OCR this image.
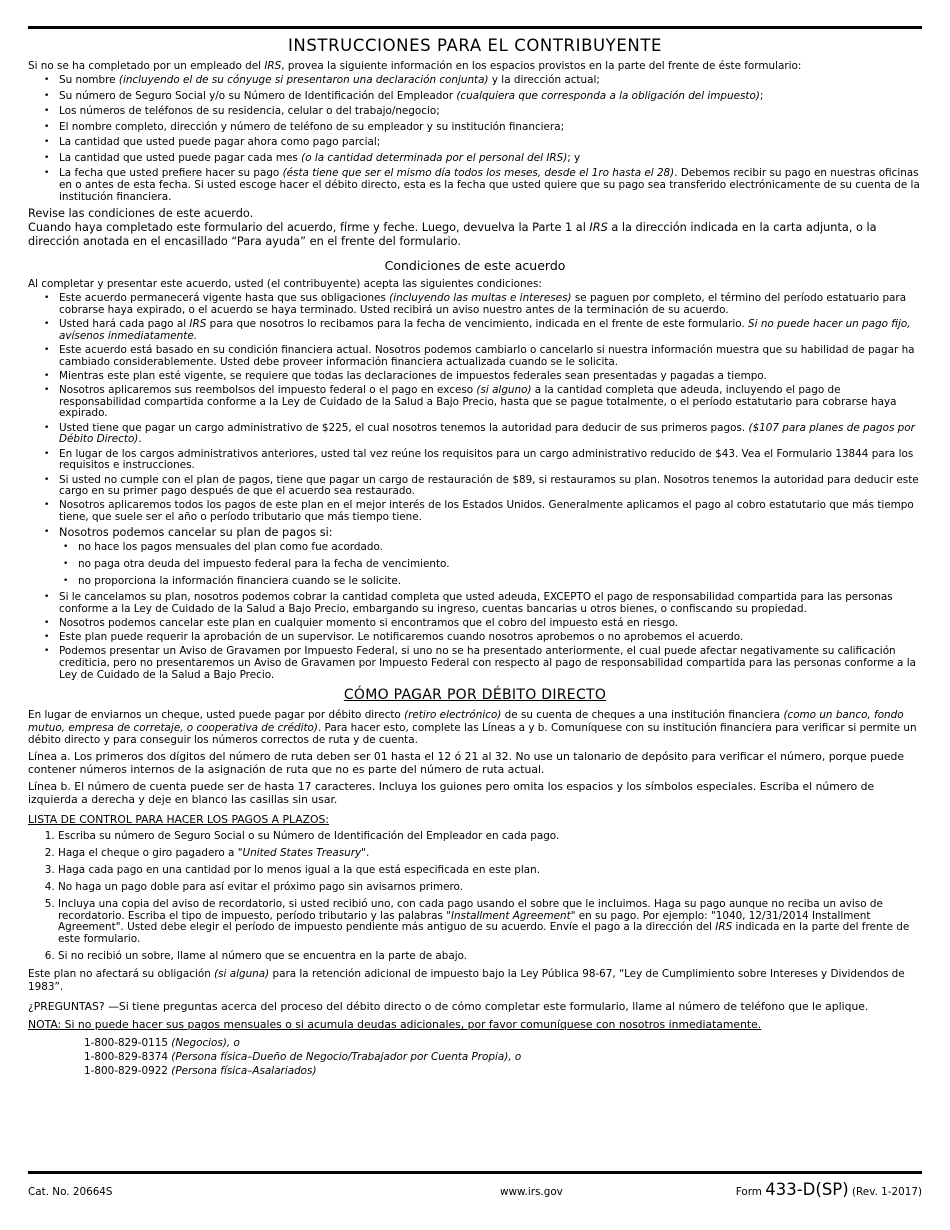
INSTRUCCIONES PARA EL CONTRIBUYENTE

Si no se ha completado por un empleado del IRS, provea la siguiente información en los espacios provistos en la parte del frente de éste formulario:

• Su nombre (incluyendo el de su cónyuge si presentaron una declaración conjunta) y la dirección actual;
• Su número de Seguro Social y/o su Número de Identificación del Empleador (cualquiera que corresponda a la obligación del impuesto);
• Los números de teléfonos de su residencia, celular o del trabajo/negocio;
• El nombre completo, dirección y número de teléfono de su empleador y su institución financiera;
• La cantidad que usted puede pagar ahora como pago parcial;
• La cantidad que usted puede pagar cada mes (o la cantidad determinada por el personal del IRS); y
• La fecha que usted prefiere hacer su pago (ésta tiene que ser el mismo día todos los meses, desde el 1ro hasta el 28). Debemos recibir su pago en nuestras oficinas en o antes de esta fecha. Si usted escoge hacer el débito directo, esta es la fecha que usted quiere que su pago sea transferido electrónicamente de su cuenta de la institución financiera.

Revise las condiciones de este acuerdo.

Cuando haya completado este formulario del acuerdo, fírme y feche. Luego, devuelva la Parte 1 al IRS a la dirección indicada en la carta adjunta, o la dirección anotada en el encasillado “Para ayuda” en el frente del formulario.

Condiciones de este acuerdo

Al completar y presentar este acuerdo, usted (el contribuyente) acepta las siguientes condiciones:

• Este acuerdo permanecerá vigente hasta que sus obligaciones (incluyendo las multas e intereses) se paguen por completo, el término del período estatuario para cobrarse haya expirado, o el acuerdo se haya terminado. Usted recibirá un aviso nuestro antes de la terminación de su acuerdo.
• Usted hará cada pago al IRS para que nosotros lo recibamos para la fecha de vencimiento, indicada en el frente de este formulario. Si no puede hacer un pago fijo, avísenos inmediatamente.
• Este acuerdo está basado en su condición financiera actual. Nosotros podemos cambiarlo o cancelarlo si nuestra información muestra que su habilidad de pagar ha cambiado considerablemente. Usted debe proveer información financiera actualizada cuando se le solicita.
• Mientras este plan esté vigente, se requiere que todas las declaraciones de impuestos federales sean presentadas y pagadas a tiempo.
• Nosotros aplicaremos sus reembolsos del impuesto federal o el pago en exceso (si alguno) a la cantidad completa que adeuda, incluyendo el pago de responsabilidad compartida conforme a la Ley de Cuidado de la Salud a Bajo Precio, hasta que se pague totalmente, o el período estatutario para cobrarse haya expirado.
• Usted tiene que pagar un cargo administrativo de $225, el cual nosotros tenemos la autoridad para deducir de sus primeros pagos. ($107 para planes de pagos por Débito Directo).
• En lugar de los cargos administrativos anteriores, usted tal vez reúne los requisitos para un cargo administrativo reducido de $43. Vea el Formulario 13844 para los requisitos e instrucciones.
• Si usted no cumple con el plan de pagos, tiene que pagar un cargo de restauración de $89, si restauramos su plan. Nosotros tenemos la autoridad para deducir este cargo en su primer pago después de que el acuerdo sea restaurado.
• Nosotros aplicaremos todos los pagos de este plan en el mejor interés de los Estados Unidos. Generalmente aplicamos el pago al cobro estatutario que más tiempo tiene, que suele ser el año o período tributario que más tiempo tiene.
• Nosotros podemos cancelar su plan de pagos si:
• no hace los pagos mensuales del plan como fue acordado.
• no paga otra deuda del impuesto federal para la fecha de vencimiento.
• no proporciona la información financiera cuando se le solicite.
• Si le cancelamos su plan, nosotros podemos cobrar la cantidad completa que usted adeuda, EXCEPTO el pago de responsabilidad compartida para las personas conforme a la Ley de Cuidado de la Salud a Bajo Precio, embargando su ingreso, cuentas bancarias u otros bienes, o confiscando su propiedad.
• Nosotros podemos cancelar este plan en cualquier momento si encontramos que el cobro del impuesto está en riesgo.
• Este plan puede requerir la aprobación de un supervisor. Le notificaremos cuando nosotros aprobemos o no aprobemos el acuerdo.
• Podemos presentar un Aviso de Gravamen por Impuesto Federal, si uno no se ha presentado anteriormente, el cual puede afectar negativamente su calificación crediticia, pero no presentaremos un Aviso de Gravamen por Impuesto Federal con respecto al pago de responsabilidad compartida para las personas conforme a la Ley de Cuidado de la Salud a Bajo Precio.
CÓMO PAGAR POR DÉBITO DIRECTO

En lugar de enviarnos un cheque, usted puede pagar por débito directo (retiro electrónico) de su cuenta de cheques a una institución financiera (como un banco, fondo mutuo, empresa de corretaje, o cooperativa de crédito). Para hacer esto, complete las Líneas a y b. Comuníquese con su institución financiera para verificar si permite un débito directo y para conseguir los números correctos de ruta y de cuenta.

Línea a. Los primeros dos dígitos del número de ruta deben ser 01 hasta el 12 ó 21 al 32. No use un talonario de depósito para verificar el número, porque puede contener números internos de la asignación de ruta que no es parte del número de ruta actual.

Línea b. El número de cuenta puede ser de hasta 17 caracteres. Incluya los guiones pero omita los espacios y los símbolos especiales. Escriba el número de izquierda a derecha y deje en blanco las casillas sin usar.

LISTA DE CONTROL PARA HACER LOS PAGOS A PLAZOS:

1. Escriba su número de Seguro Social o su Número de Identificación del Empleador en cada pago.
2. Haga el cheque o giro pagadero a "United States Treasury".
3. Haga cada pago en una cantidad por lo menos igual a la que está especificada en este plan.
4. No haga un pago doble para así evitar el próximo pago sin avisarnos primero.
5. Incluya una copia del aviso de recordatorio, si usted recibió uno, con cada pago usando el sobre que le incluimos. Haga su pago aunque no reciba un aviso de recordatorio. Escriba el tipo de impuesto, período tributario y las palabras "Installment Agreement" en su pago. Por ejemplo: "1040, 12/31/2014 Installment Agreement". Usted debe elegir el período de impuesto pendiente más antiguo de su acuerdo. Envíe el pago a la dirección del IRS indicada en la parte del frente de este formulario.
6. Si no recibió un sobre, llame al número que se encuentra en la parte de abajo.

Este plan no afectará su obligación (si alguna) para la retención adicional de impuesto bajo la Ley Pública 98-67, “Ley de Cumplimiento sobre Intereses y Dividendos de 1983”.

¿PREGUNTAS? —Si tiene preguntas acerca del proceso del débito directo o de cómo completar este formulario, llame al número de teléfono que le aplique.

NOTA: Si no puede hacer sus pagos mensuales o si acumula deudas adicionales, por favor comuníquese con nosotros inmediatamente.

1-800-829-0115 (Negocios), o
1-800-829-8374 (Persona física–Dueño de Negocio/Trabajador por Cuenta Propia), o
1-800-829-0922 (Persona física–Asalariados)
Cat. No. 20664S	www.irs.gov	Form 433-D(SP) (Rev. 1-2017)
